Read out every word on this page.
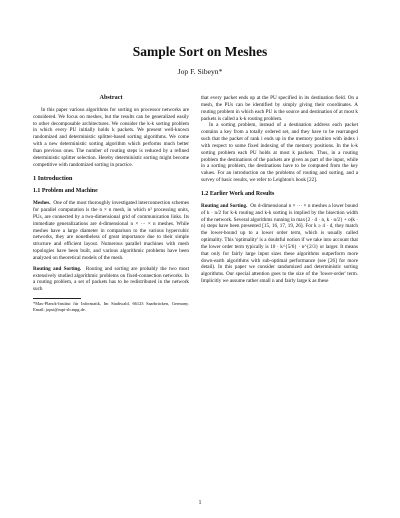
Sample Sort on Meshes
Jop F. Sibeyn*
Abstract

In this paper various algorithms for sorting on processor networks are considered. We focus on meshes, but the results can be generalized easily to other decomposable architectures. We consider the k-k sorting problem in which every PU initially holds k packets. We present well-known randomized and deterministic splitter-based sorting algorithms. We come with a new deterministic sorting algorithm which performs much better than previous ones. The number of routing steps is reduced by a refined deterministic splitter selection. Hereby deterministic sorting might become competitive with randomized sorting in practice.

1 Introduction
1.1 Problem and Machine

Meshes. One of the most thoroughly investigated interconnection schemes for parallel computation is the n × n mesh, in which n² processing units, PUs, are connected by a two-dimensional grid of communication links. Its immediate generalizations are d-dimensional n × ··· × n meshes. While meshes have a large diameter in comparison to the various hypercubic networks, they are nonetheless of great importance due to their simple structure and efficient layout. Numerous parallel machines with mesh topologies have been built, and various algorithmic problems have been analyzed on theoretical models of the mesh.

Routing and Sorting. Routing and sorting are probably the two most extensively studied algorithmic problems on fixed-connection networks. In a routing problem, a set of packets has to be redistributed in the network such

*Max-Planck-Institut für Informatik, Im Stadtwald, 66123 Saarbrücken, Germany. Email: jopsi@mpi-sb.mpg.de.

that every packet ends up at the PU specified in its destination field. On a mesh, the PUs can be identified by simply giving their coordinates. A routing problem in which each PU is the source and destination of at most k packets is called a k-k routing problem.

In a sorting problem, instead of a destination address each packet contains a key from a totally ordered set, and they have to be rearranged such that the packet of rank i ends up in the memory position with index i with respect to some fixed indexing of the memory positions. In the k-k sorting problem each PU holds at most k packets. Thus, in a routing problem the destinations of the packets are given as part of the input, while in a sorting problem, the destinations have to be computed from the key values. For an introduction on the problems of routing and sorting, and a survey of basic results, we refer to Leighton's book [22].

1.2 Earlier Work and Results

Routing and Sorting. On d-dimensional n × ··· × n meshes a lower bound of k · n/2 for k-k routing and k-k sorting is implied by the bisection width of the network. Several algorithms running in max{2 · d · n, k · n/2} + o(k · n) steps have been presented [15, 16, 17, 19, 26]. For k ≥ 4 · d, they match the lower-bound up to a lower order term, which is usually called optimality. This 'optimality' is a doubtful notion if we take into account that the lower order term typically is 10 · k^{5/6} · n^{2/3} or larger. It means that only for fairly large input sizes these algorithms outperform more down-earth algorithms with sub-optimal performance (see [26] for more detail). In this paper we consider randomized and deterministic sorting algorithms. Our special attention goes to the size of the 'lower-order' term. Implicitly we assume rather small n and fairly large k as these

1
